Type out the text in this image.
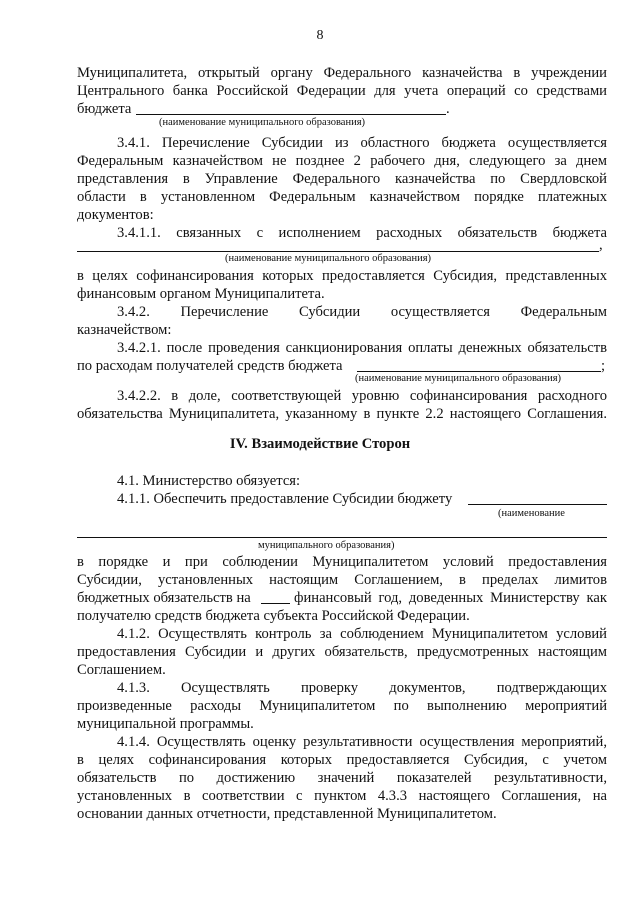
8
Муниципалитета, открытый органу Федерального казначейства в учреждении
Центрального банка Российской Федерации для учета операций со средствами
бюджета	.
(наименование муниципального образования)
3.4.1. Перечисление Субсидии из областного бюджета осуществляется
Федеральным казначейством не позднее 2 рабочего дня, следующего за днем
представления в Управление Федерального казначейства по Свердловской
области в установленном Федеральным казначейством порядке платежных
документов:
3.4.1.1. связанных с исполнением расходных обязательств бюджета
,
(наименование муниципального образования)
в целях софинансирования которых предоставляется Субсидия, представленных
финансовым органом Муниципалитета.
3.4.2. Перечисление Субсидии осуществляется Федеральным
казначейством:
3.4.2.1. после проведения санкционирования оплаты денежных обязательств
по расходам получателей средств бюджета	;
(наименование муниципального образования)
3.4.2.2. в доле, соответствующей уровню софинансирования расходного
обязательства Муниципалитета, указанному в пункте 2.2 настоящего Соглашения.
IV. Взаимодействие Сторон
4.1. Министерство обязуется:
4.1.1. Обеспечить предоставление Субсидии бюджету
(наименование
муниципального образования)
в порядке и при соблюдении Муниципалитетом условий предоставления
Субсидии, установленных настоящим Соглашением, в пределах лимитов
бюджетных обязательств на	финансовый год, доведенных Министерству как
получателю средств бюджета субъекта Российской Федерации.
4.1.2. Осуществлять контроль за соблюдением Муниципалитетом условий
предоставления Субсидии и других обязательств, предусмотренных настоящим
Соглашением.
4.1.3. Осуществлять проверку документов, подтверждающих
произведенные расходы Муниципалитетом по выполнению мероприятий
муниципальной программы.
4.1.4. Осуществлять оценку результативности осуществления мероприятий,
в целях софинансирования которых предоставляется Субсидия, с учетом
обязательств по достижению значений показателей результативности,
установленных в соответствии с пунктом 4.3.3 настоящего Соглашения, на
основании данных отчетности, представленной Муниципалитетом.
